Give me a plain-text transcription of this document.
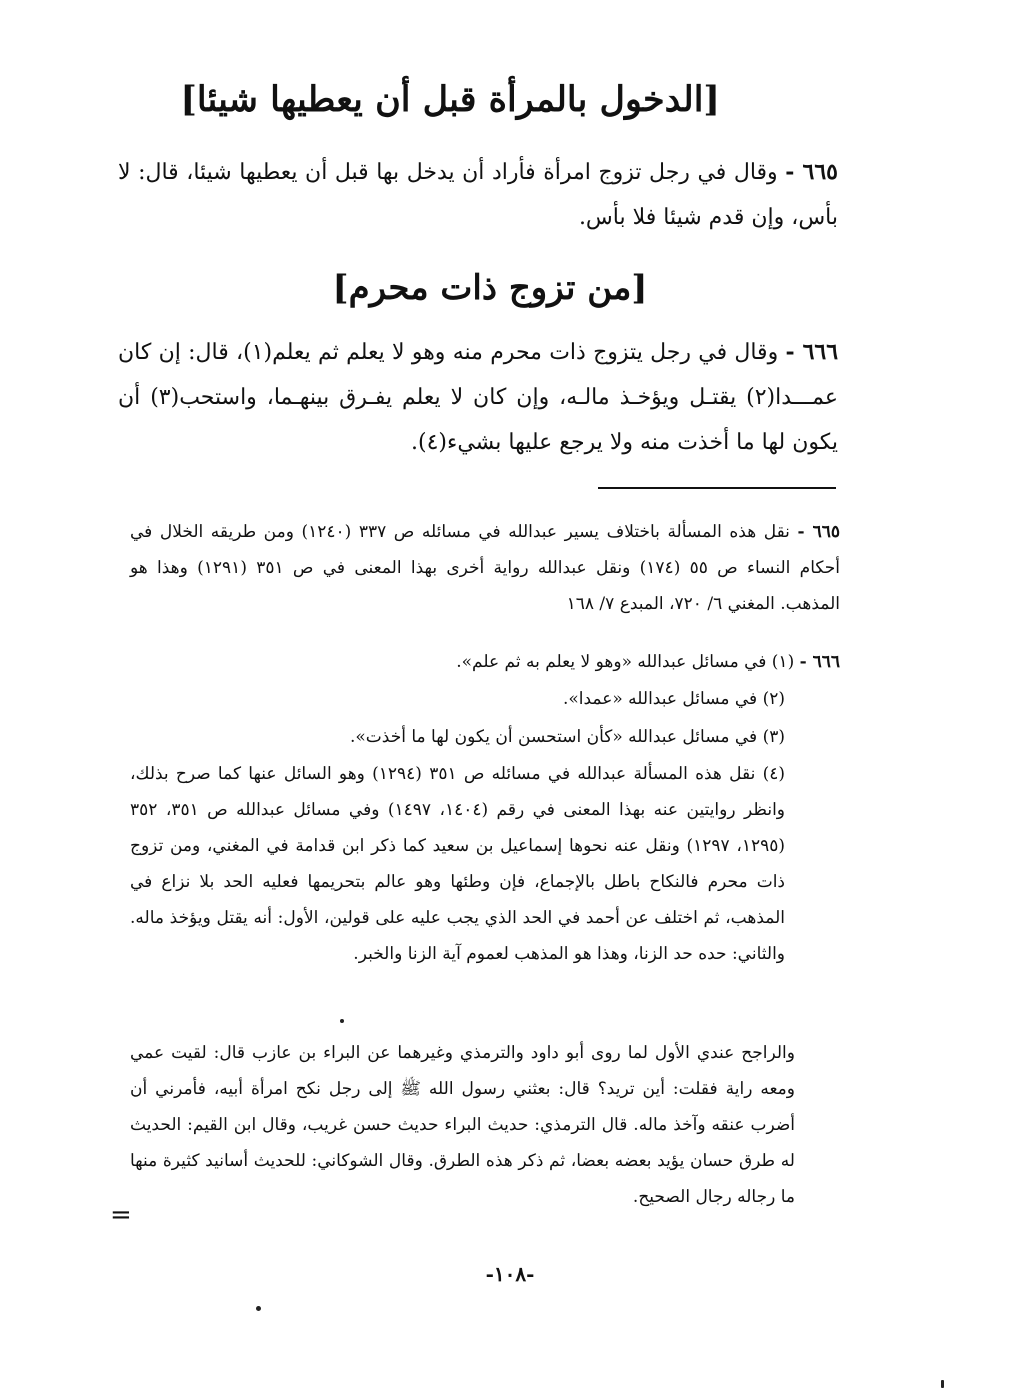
[الدخول بالمرأة قبل أن يعطيها شيئا]
٦٦٥ - وقال في رجل تزوج امرأة فأراد أن يدخل بها قبل أن يعطيها شيئا، قال: لا بأس، وإن قدم شيئا فلا بأس.
[من تزوج ذات محرم]
٦٦٦ - وقال في رجل يتزوج ذات محرم منه وهو لا يعلم ثم يعلم(١)، قال: إن كان عمـــدا(٢) يقتـل ويؤخـذ مالـه، وإن كان لا يعلم يفـرق بينهـما، واستحب(٣) أن يكون لها ما أخذت منه ولا يرجع عليها بشيء(٤).
٦٦٥ - نقل هذه المسألة باختلاف يسير عبدالله في مسائله ص ٣٣٧ (١٢٤٠) ومن طريقه الخلال في أحكام النساء ص ٥٥ (١٧٤) ونقل عبدالله رواية أخرى بهذا المعنى في ص ٣٥١ (١٢٩١) وهذا هو المذهب. المغني ٦/ ٧٢٠، المبدع ٧/ ١٦٨
٦٦٦ - (١) في مسائل عبدالله «وهو لا يعلم به ثم علم».
(٢) في مسائل عبدالله «عمدا».
(٣) في مسائل عبدالله «كأن استحسن أن يكون لها ما أخذت».
(٤) نقل هذه المسألة عبدالله في مسائله ص ٣٥١ (١٢٩٤) وهو السائل عنها كما صرح بذلك، وانظر روايتين عنه بهذا المعنى في رقم (١٤٠٤، ١٤٩٧) وفي مسائل عبدالله ص ٣٥١، ٣٥٢ (١٢٩٥، ١٢٩٧) ونقل عنه نحوها إسماعيل بن سعيد كما ذكر ابن قدامة في المغني، ومن تزوج ذات محرم فالنكاح باطل بالإجماع، فإن وطئها وهو عالم بتحريمها فعليه الحد بلا نزاع في المذهب، ثم اختلف عن أحمد في الحد الذي يجب عليه على قولين، الأول: أنه يقتل ويؤخذ ماله. والثاني: حده حد الزنا، وهذا هو المذهب لعموم آية الزنا والخبر.
والراجح عندي الأول لما روى أبو داود والترمذي وغيرهما عن البراء بن عازب قال: لقيت عمي ومعه راية فقلت: أين تريد؟ قال: بعثني رسول الله ﷺ إلى رجل نكح امرأة أبيه، فأمرني أن أضرب عنقه وآخذ ماله. قال الترمذي: حديث البراء حديث حسن غريب، وقال ابن القيم: الحديث له طرق حسان يؤيد بعضه بعضا، ثم ذكر هذه الطرق. وقال الشوكاني: للحديث أسانيد كثيرة منها ما رجاله رجال الصحيح.
=
-١٠٨-
